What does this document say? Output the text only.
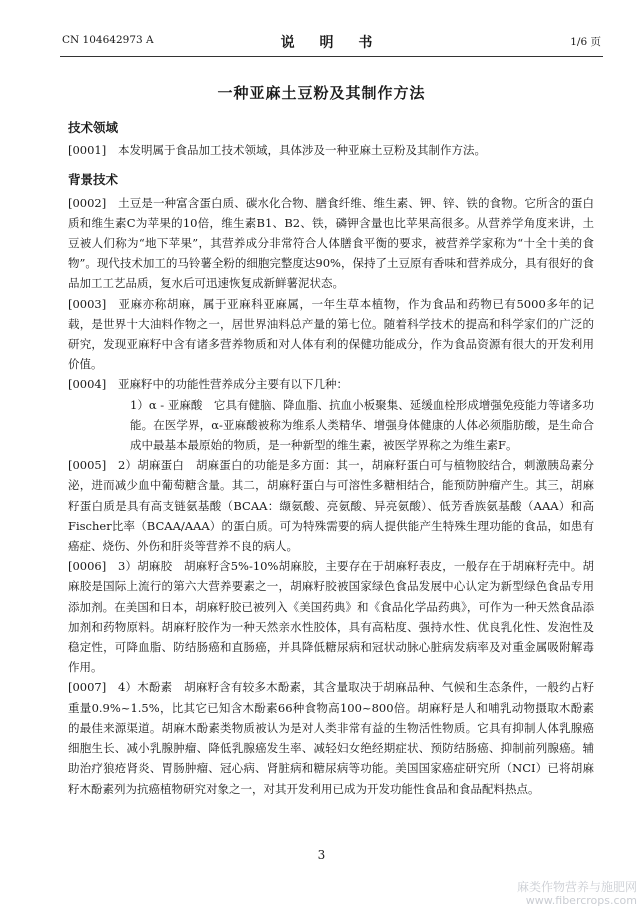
CN 104642973 A	说 明 书	1/6 页
一种亚麻土豆粉及其制作方法
技术领域
[0001] 本发明属于食品加工技术领域，具体涉及一种亚麻土豆粉及其制作方法。
背景技术
[0002] 土豆是一种富含蛋白质、碳水化合物、膳食纤维、维生素、钾、锌、铁的食物。它所含的蛋白质和维生素C为苹果的10倍，维生素B1、B2、铁，磷钾含量也比苹果高很多。从营养学角度来讲，土豆被人们称为“地下苹果”，其营养成分非常符合人体膳食平衡的要求，被营养学家称为“十全十美的食物”。现代技术加工的马铃薯全粉的细胞完整度达90%，保持了土豆原有香味和营养成分，具有很好的食品加工工艺品质，复水后可迅速恢复成新鲜薯泥状态。
[0003] 亚麻亦称胡麻，属于亚麻科亚麻属，一年生草本植物，作为食品和药物已有5000多年的记载，是世界十大油料作物之一，居世界油料总产量的第七位。随着科学技术的提高和科学家们的广泛的研究，发现亚麻籽中含有诸多营养物质和对人体有利的保健功能成分，作为食品资源有很大的开发利用价值。
[0004] 亚麻籽中的功能性营养成分主要有以下几种：
1）α - 亚麻酸　它具有健脑、降血脂、抗血小板聚集、延缓血栓形成增强免疫能力等诸多功能。在医学界，α-亚麻酸被称为维系人类精华、增强身体健康的人体必须脂肪酸，是生命合成中最基本最原始的物质，是一种新型的维生素，被医学界称之为维生素F。
[0005] 2）胡麻蛋白　胡麻蛋白的功能是多方面：其一，胡麻籽蛋白可与植物胶结合，刺激胰岛素分泌，进而减少血中葡萄糖含量。其二，胡麻籽蛋白与可溶性多糖相结合，能预防肿瘤产生。其三，胡麻籽蛋白质是具有高支链氨基酸（BCAA：缬氨酸、亮氨酸、异亮氨酸）、低芳香族氨基酸（AAA）和高Fischer比率（BCAA/AAA）的蛋白质。可为特殊需要的病人提供能产生特殊生理功能的食品，如患有癌症、烧伤、外伤和肝炎等营养不良的病人。
[0006] 3）胡麻胶　胡麻籽含5%-10%胡麻胶，主要存在于胡麻籽表皮，一般存在于胡麻籽壳中。胡麻胶是国际上流行的第六大营养要素之一，胡麻籽胶被国家绿色食品发展中心认定为新型绿色食品专用添加剂。在美国和日本，胡麻籽胶已被列入《美国药典》和《食品化学品药典》，可作为一种天然食品添加剂和药物原料。胡麻籽胶作为一种天然亲水性胶体，具有高粘度、强持水性、优良乳化性、发泡性及稳定性，可降血脂、防结肠癌和直肠癌，并具降低糖尿病和冠状动脉心脏病发病率及对重金属吸附解毒作用。
[0007] 4）木酚素　胡麻籽含有较多木酚素，其含量取决于胡麻品种、气候和生态条件，一般约占籽重量0.9%~1.5%，比其它已知含木酚素66种食物高100~800倍。胡麻籽是人和哺乳动物摄取木酚素的最佳来源渠道。胡麻木酚素类物质被认为是对人类非常有益的生物活性物质。它具有抑制人体乳腺癌细胞生长、减小乳腺肿瘤、降低乳腺癌发生率、减轻妇女绝经期症状、预防结肠癌、抑制前列腺癌。辅助治疗狼疮肾炎、胃肠肿瘤、冠心病、肾脏病和糖尿病等功能。美国国家癌症研究所（NCI）已将胡麻籽木酚素列为抗癌植物研究对象之一，对其开发利用已成为开发功能性食品和食品配料热点。
3
麻类作物营养与施肥网
www.fibercrops.com
